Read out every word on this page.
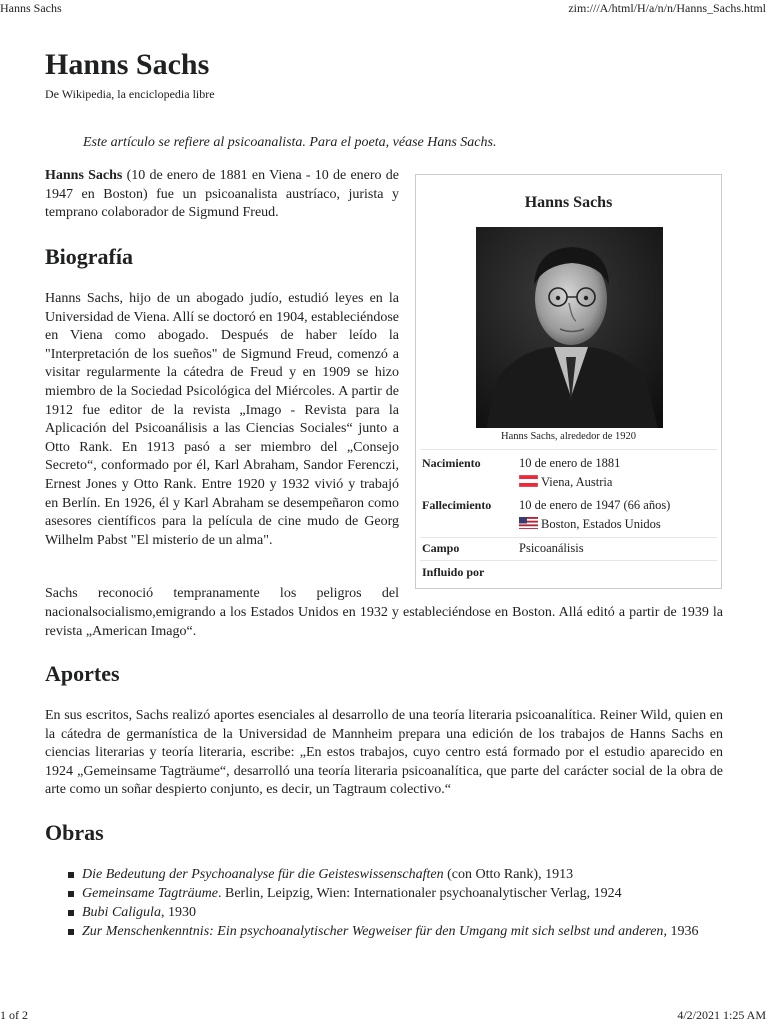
Hanns Sachs	zim:///A/html/H/a/n/n/Hanns_Sachs.html
Hanns Sachs
De Wikipedia, la enciclopedia libre
Este artículo se refiere al psicoanalista. Para el poeta, véase Hans Sachs.

Hanns Sachs (10 de enero de 1881 en Viena - 10 de enero de 1947 en Boston) fue un psicoanalista austríaco, jurista y temprano colaborador de Sigmund Freud.

Biografía

Hanns Sachs, hijo de un abogado judío, estudió leyes en la Universidad de Viena. Allí se doctoró en 1904, estableciéndose en Viena como abogado. Después de haber leído la "Interpretación de los sueños" de Sigmund Freud, comenzó a visitar regularmente la cátedra de Freud y en 1909 se hizo miembro de la Sociedad Psicológica del Miércoles. A partir de 1912 fue editor de la revista „Imago - Revista para la Aplicación del Psicoanálisis a las Ciencias Sociales“ junto a Otto Rank. En 1913 pasó a ser miembro del „Consejo Secreto“, conformado por él, Karl Abraham, Sandor Ferenczi, Ernest Jones y Otto Rank. Entre 1920 y 1932 vivió y trabajó en Berlín. En 1926, él y Karl Abraham se desempeñaron como asesores científicos para la película de cine mudo de Georg Wilhelm Pabst "El misterio de un alma".

Sachs reconoció tempranamente los peligros del

nacionalsocialismo,emigrando a los Estados Unidos en 1932 y estableciéndose en Boston. Allá editó a partir de 1939 la revista „American Imago“.

Hanns Sachs
Hanns Sachs, alrededor de 1920
Nacimiento	10 de enero de 1881
Viena, Austria
Fallecimiento 10 de enero de 1947 (66 años)
Boston, Estados Unidos
Campo	Psicoanálisis
Influido por
Aportes

En sus escritos, Sachs realizó aportes esenciales al desarrollo de una teoría literaria psicoanalítica. Reiner Wild, quien en la cátedra de germanística de la Universidad de Mannheim prepara una edición de los trabajos de Hanns Sachs en ciencias literarias y teoría literaria, escribe: „En estos trabajos, cuyo centro está formado por el estudio aparecido en 1924 „Gemeinsame Tagträume“, desarrolló una teoría literaria psicoanalítica, que parte del carácter social de la obra de arte como un soñar despierto conjunto, es decir, un Tagtraum colectivo.“

Obras
Die Bedeutung der Psychoanalyse für die Geisteswissenschaften (con Otto Rank), 1913
Gemeinsame Tagträume. Berlin, Leipzig, Wien: Internationaler psychoanalytischer Verlag, 1924
Bubi Caligula, 1930
Zur Menschenkenntnis: Ein psychoanalytischer Wegweiser für den Umgang mit sich selbst und anderen, 1936
1 of 2	4/2/2021 1:25 AM
